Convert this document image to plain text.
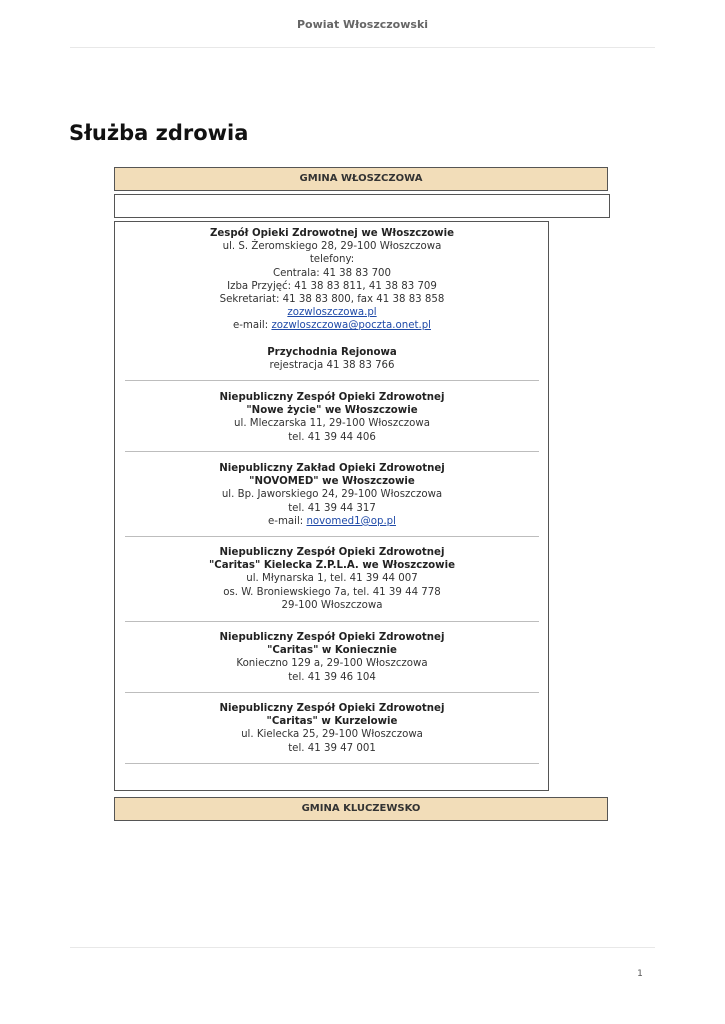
Powiat Włoszczowski
Służba zdrowia
GMINA WŁOSZCZOWA
Zespół Opieki Zdrowotnej we Włoszczowie
ul. S. Żeromskiego 28, 29-100 Włoszczowa
telefony:
Centrala: 41 38 83 700
Izba Przyjęć: 41 38 83 811, 41 38 83 709
Sekretariat: 41 38 83 800, fax 41 38 83 858
zozwloszczowa.pl
e-mail: zozwloszczowa@poczta.onet.pl
Przychodnia Rejonowa
rejestracja 41 38 83 766
Niepubliczny Zespół Opieki Zdrowotnej
"Nowe życie" we Włoszczowie
ul. Mleczarska 11, 29-100 Włoszczowa
tel. 41 39 44 406
Niepubliczny Zakład Opieki Zdrowotnej
"NOVOMED" we Włoszczowie
ul. Bp. Jaworskiego 24, 29-100 Włoszczowa
tel. 41 39 44 317
e-mail: novomed1@op.pl
Niepubliczny Zespół Opieki Zdrowotnej
"Caritas" Kielecka Z.P.L.A. we Włoszczowie
ul. Młynarska 1, tel. 41 39 44 007
os. W. Broniewskiego 7a, tel. 41 39 44 778
29-100 Włoszczowa
Niepubliczny Zespół Opieki Zdrowotnej
"Caritas" w Koniecznie
Konieczno 129 a, 29-100 Włoszczowa
tel. 41 39 46 104
Niepubliczny Zespół Opieki Zdrowotnej
"Caritas" w Kurzelowie
ul. Kielecka 25, 29-100 Włoszczowa
tel. 41 39 47 001
GMINA KLUCZEWSKO
1
